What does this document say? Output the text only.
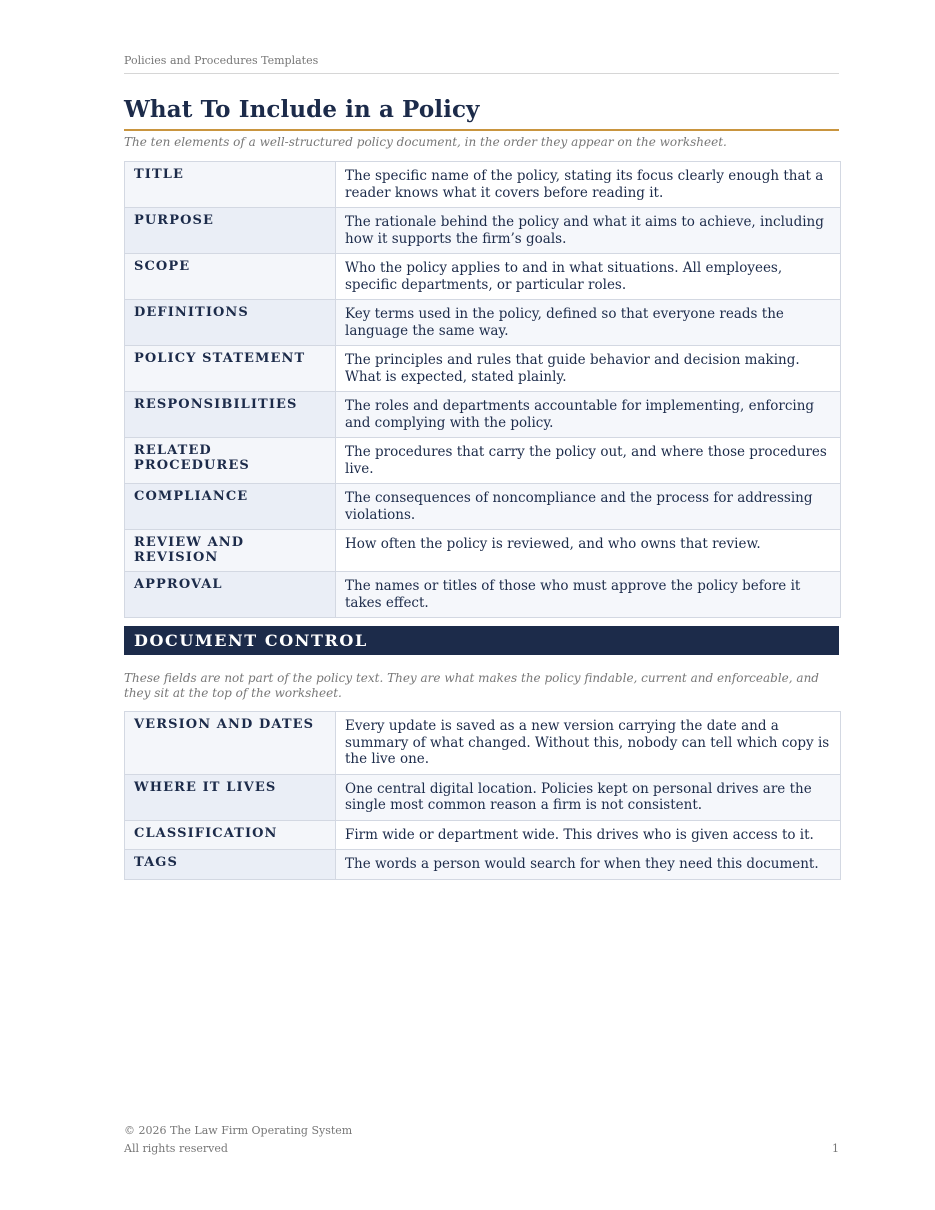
Policies and Procedures Templates
What To Include in a Policy

The ten elements of a well-structured policy document, in the order they appear on the worksheet.

TITLE	The specific name of the policy, stating its focus clearly enough that a reader knows what it covers before reading it.
PURPOSE	The rationale behind the policy and what it aims to achieve, including how it supports the firm’s goals.
SCOPE	Who the policy applies to and in what situations. All employees, specific departments, or particular roles.
DEFINITIONS	Key terms used in the policy, defined so that everyone reads the language the same way.
POLICY STATEMENT	The principles and rules that guide behavior and decision making. What is expected, stated plainly.
RESPONSIBILITIES	The roles and departments accountable for implementing, enforcing and complying with the policy.
RELATED PROCEDURES	The procedures that carry the policy out, and where those procedures live.
COMPLIANCE	The consequences of noncompliance and the process for addressing violations.
REVIEW AND REVISION	How often the policy is reviewed, and who owns that review.
APPROVAL	The names or titles of those who must approve the policy before it takes effect.
DOCUMENT CONTROL

These fields are not part of the policy text. They are what makes the policy findable, current and enforceable, and they sit at the top of the worksheet.

VERSION AND DATES	Every update is saved as a new version carrying the date and a summary of what changed. Without this, nobody can tell which copy is the live one.
WHERE IT LIVES	One central digital location. Policies kept on personal drives are the single most common reason a firm is not consistent.
CLASSIFICATION	Firm wide or department wide. This drives who is given access to it.
TAGS	The words a person would search for when they need this document.
© 2026 The Law Firm Operating System
All rights reserved	1
